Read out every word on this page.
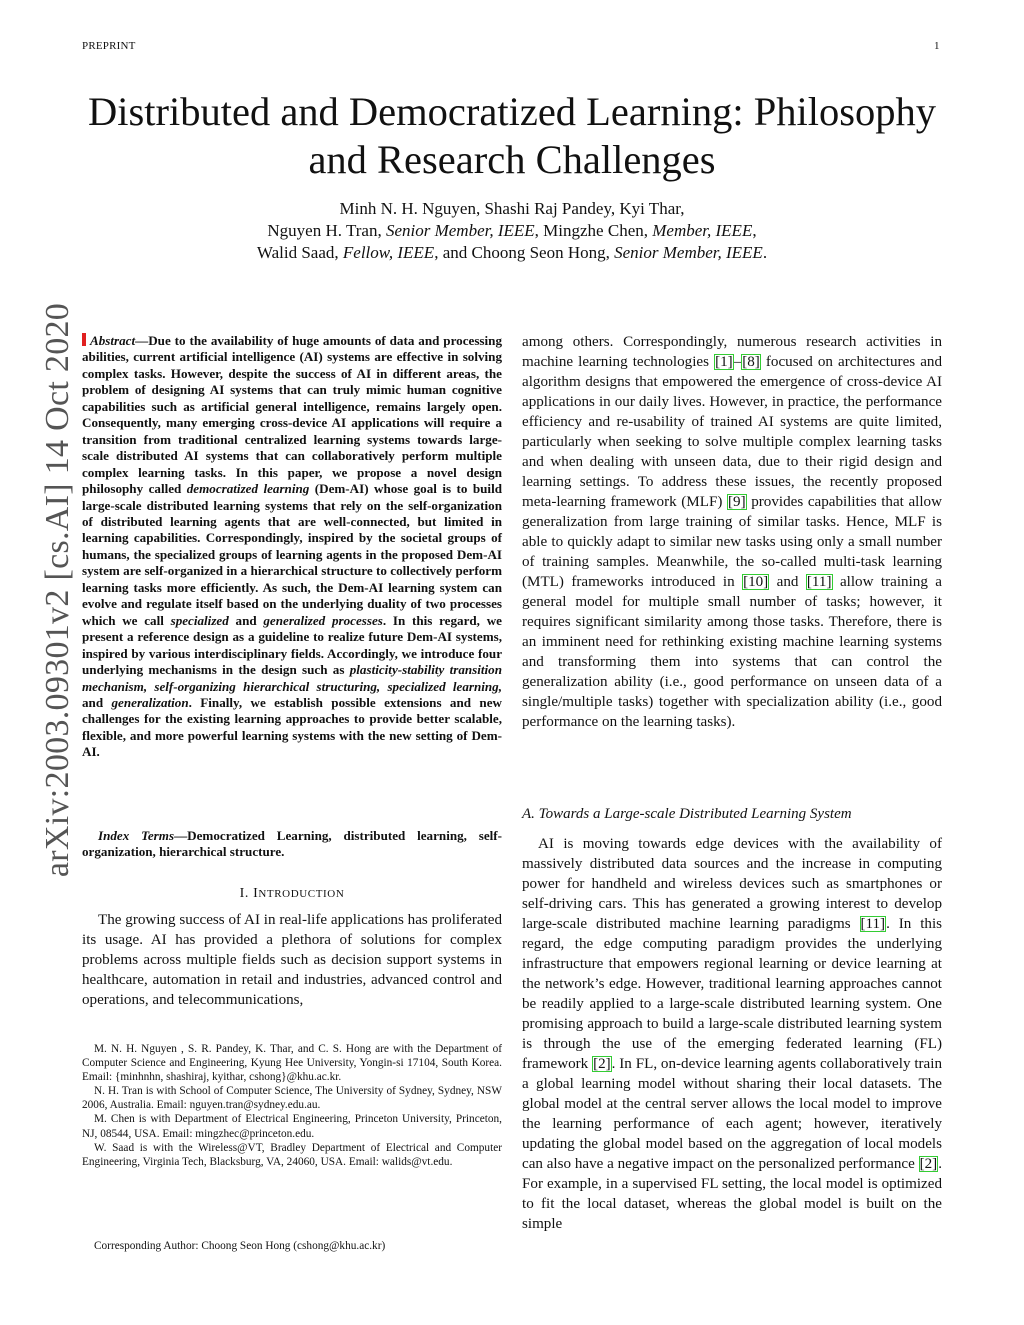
PREPRINT	1
arXiv:2003.09301v2 [cs.AI] 14 Oct 2020
Distributed and Democratized Learning: Philosophy
and Research Challenges
Minh N. H. Nguyen, Shashi Raj Pandey, Kyi Thar,
Nguyen H. Tran, Senior Member, IEEE, Mingzhe Chen, Member, IEEE,
Walid Saad, Fellow, IEEE, and Choong Seon Hong, Senior Member, IEEE.
Abstract—Due to the availability of huge amounts of data and processing abilities, current artificial intelligence (AI) systems are effective in solving complex tasks. However, despite the success of AI in different areas, the problem of designing AI systems that can truly mimic human cognitive capabilities such as artificial general intelligence, remains largely open. Consequently, many emerging cross-device AI applications will require a transition from traditional centralized learning systems towards large-scale distributed AI systems that can collaboratively perform multiple complex learning tasks. In this paper, we propose a novel design philosophy called democratized learning (Dem-AI) whose goal is to build large-scale distributed learning systems that rely on the self-organization of distributed learning agents that are well-connected, but limited in learning capabilities. Correspondingly, inspired by the societal groups of humans, the specialized groups of learning agents in the proposed Dem-AI system are self-organized in a hierarchical structure to collectively perform learning tasks more efficiently. As such, the Dem-AI learning system can evolve and regulate itself based on the underlying duality of two processes which we call specialized and generalized processes. In this regard, we present a reference design as a guideline to realize future Dem-AI systems, inspired by various interdisciplinary fields. Accordingly, we introduce four underlying mechanisms in the design such as plasticity-stability transition mechanism, self-organizing hierarchical structuring, specialized learning, and generalization. Finally, we establish possible extensions and new challenges for the existing learning approaches to provide better scalable, flexible, and more powerful learning systems with the new setting of Dem-AI.
Index Terms—Democratized Learning, distributed learning, self-organization, hierarchical structure.
I. INTRODUCTION
The growing success of AI in real-life applications has proliferated its usage. AI has provided a plethora of solutions for complex problems across multiple fields such as decision support systems in healthcare, automation in retail and industries, advanced control and operations, and telecommunications,

M. N. H. Nguyen , S. R. Pandey, K. Thar, and C. S. Hong are with the Department of Computer Science and Engineering, Kyung Hee University, Yongin-si 17104, South Korea. Email: {minhnhn, shashiraj, kyithar, cshong}@khu.ac.kr.

N. H. Tran is with School of Computer Science, The University of Sydney, Sydney, NSW 2006, Australia. Email: nguyen.tran@sydney.edu.au.

M. Chen is with Department of Electrical Engineering, Princeton University, Princeton, NJ, 08544, USA. Email: mingzhec@princeton.edu.

W. Saad is with the Wireless@VT, Bradley Department of Electrical and Computer Engineering, Virginia Tech, Blacksburg, VA, 24060, USA. Email: walids@vt.edu.

Corresponding Author: Choong Seon Hong (cshong@khu.ac.kr)
among others. Correspondingly, numerous research activities in machine learning technologies [1]–[8] focused on architectures and algorithm designs that empowered the emergence of cross-device AI applications in our daily lives. However, in practice, the performance efficiency and re-usability of trained AI systems are quite limited, particularly when seeking to solve multiple complex learning tasks and when dealing with unseen data, due to their rigid design and learning settings. To address these issues, the recently proposed meta-learning framework (MLF) [9] provides capabilities that allow generalization from large training of similar tasks. Hence, MLF is able to quickly adapt to similar new tasks using only a small number of training samples. Meanwhile, the so-called multi-task learning (MTL) frameworks introduced in [10] and [11] allow training a general model for multiple small number of tasks; however, it requires significant similarity among those tasks. Therefore, there is an imminent need for rethinking existing machine learning systems and transforming them into systems that can control the generalization ability (i.e., good performance on unseen data of a single/multiple tasks) together with specialization ability (i.e., good performance on the learning tasks).
A. Towards a Large-scale Distributed Learning System
AI is moving towards edge devices with the availability of massively distributed data sources and the increase in computing power for handheld and wireless devices such as smartphones or self-driving cars. This has generated a growing interest to develop large-scale distributed machine learning paradigms [11]. In this regard, the edge computing paradigm provides the underlying infrastructure that empowers regional learning or device learning at the network’s edge. However, traditional learning approaches cannot be readily applied to a large-scale distributed learning system. One promising approach to build a large-scale distributed learning system is through the use of the emerging federated learning (FL) framework [2]. In FL, on-device learning agents collaboratively train a global learning model without sharing their local datasets. The global model at the central server allows the local model to improve the learning performance of each agent; however, iteratively updating the global model based on the aggregation of local models can also have a negative impact on the personalized performance [2]. For example, in a supervised FL setting, the local model is optimized to fit the local dataset, whereas the global model is built on the simple
